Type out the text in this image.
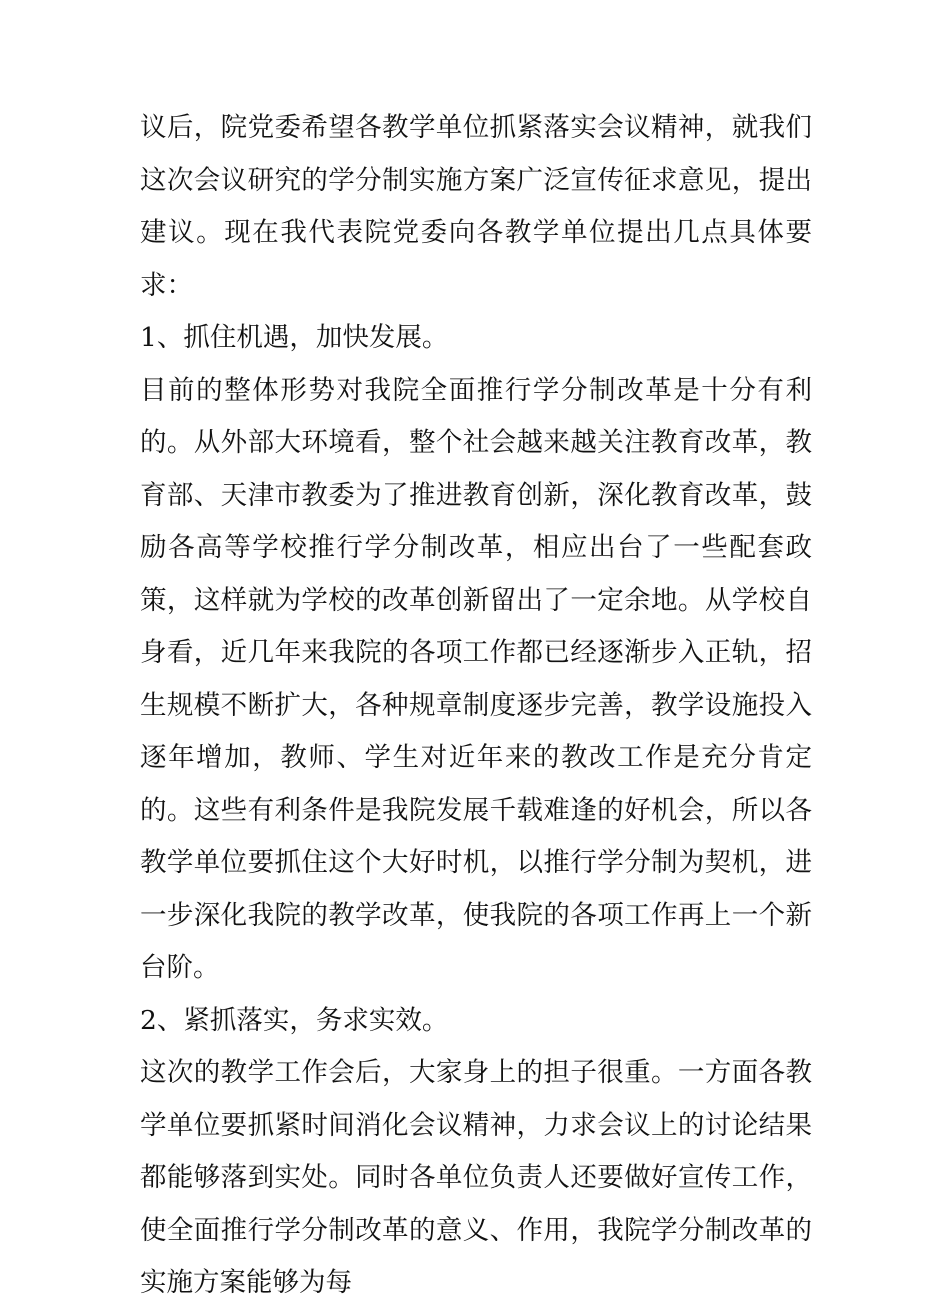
议后，院党委希望各教学单位抓紧落实会议精神，就我们这次会议研究的学分制实施方案广泛宣传征求意见，提出建议。现在我代表院党委向各教学单位提出几点具体要求：

1、抓住机遇，加快发展。

目前的整体形势对我院全面推行学分制改革是十分有利的。从外部大环境看，整个社会越来越关注教育改革，教育部、天津市教委为了推进教育创新，深化教育改革，鼓励各高等学校推行学分制改革，相应出台了一些配套政策，这样就为学校的改革创新留出了一定余地。从学校自身看，近几年来我院的各项工作都已经逐渐步入正轨，招生规模不断扩大，各种规章制度逐步完善，教学设施投入逐年增加，教师、学生对近年来的教改工作是充分肯定的。这些有利条件是我院发展千载难逢的好机会，所以各教学单位要抓住这个大好时机，以推行学分制为契机，进一步深化我院的教学改革，使我院的各项工作再上一个新台阶。

2、紧抓落实，务求实效。

这次的教学工作会后，大家身上的担子很重。一方面各教学单位要抓紧时间消化会议精神，力求会议上的讨论结果都能够落到实处。同时各单位负责人还要做好宣传工作，使全面推行学分制改革的意义、作用，我院学分制改革的实施方案能够为每
